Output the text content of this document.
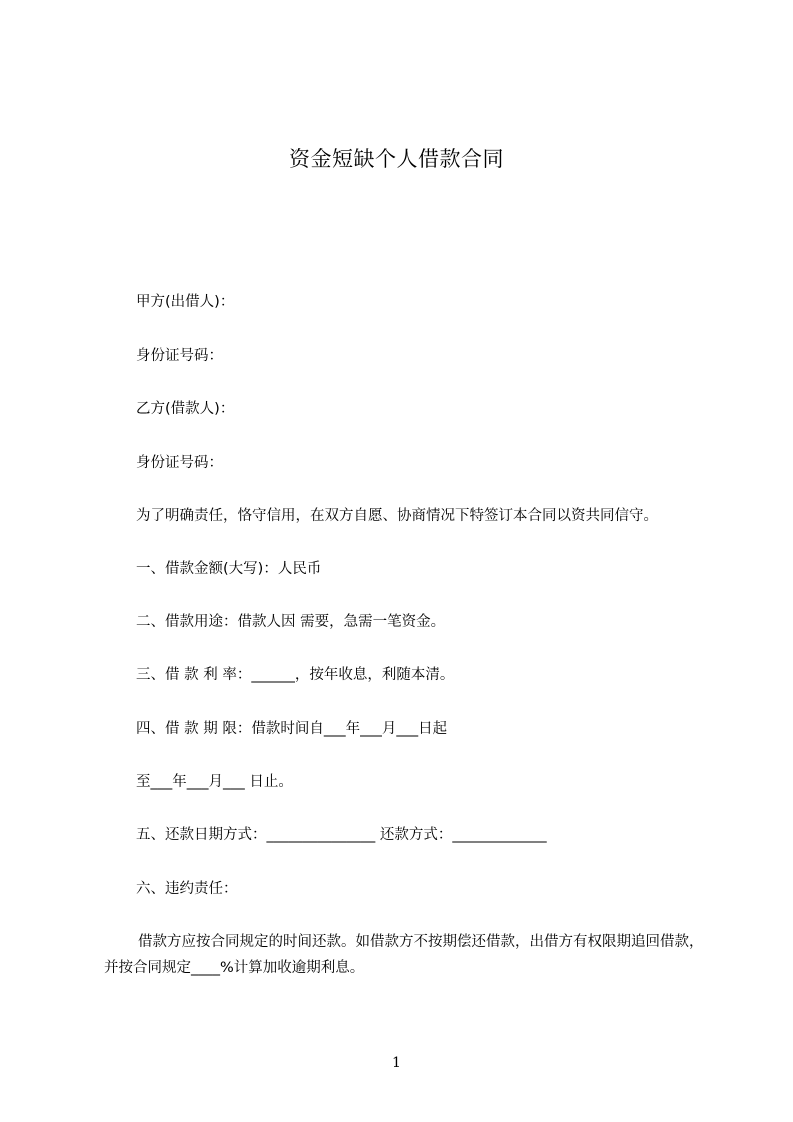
资金短缺个人借款合同
甲方(出借人)：
身份证号码：
乙方(借款人)：
身份证号码：
为了明确责任，恪守信用，在双方自愿、协商情况下特签订本合同以资共同信守。
一、借款金额(大写)：人民币
二、借款用途：借款人因 需要，急需一笔资金。
三、借 款 利 率：______，按年收息，利随本清。
四、借 款 期 限：借款时间自___年___月___日起
至___年___月___ 日止。
五、还款日期方式：_______________ 还款方式：_____________
六、违约责任：
借款方应按合同规定的时间还款。如借款方不按期偿还借款，出借方有权限期追回借款，并按合同规定____%计算加收逾期利息。
1
